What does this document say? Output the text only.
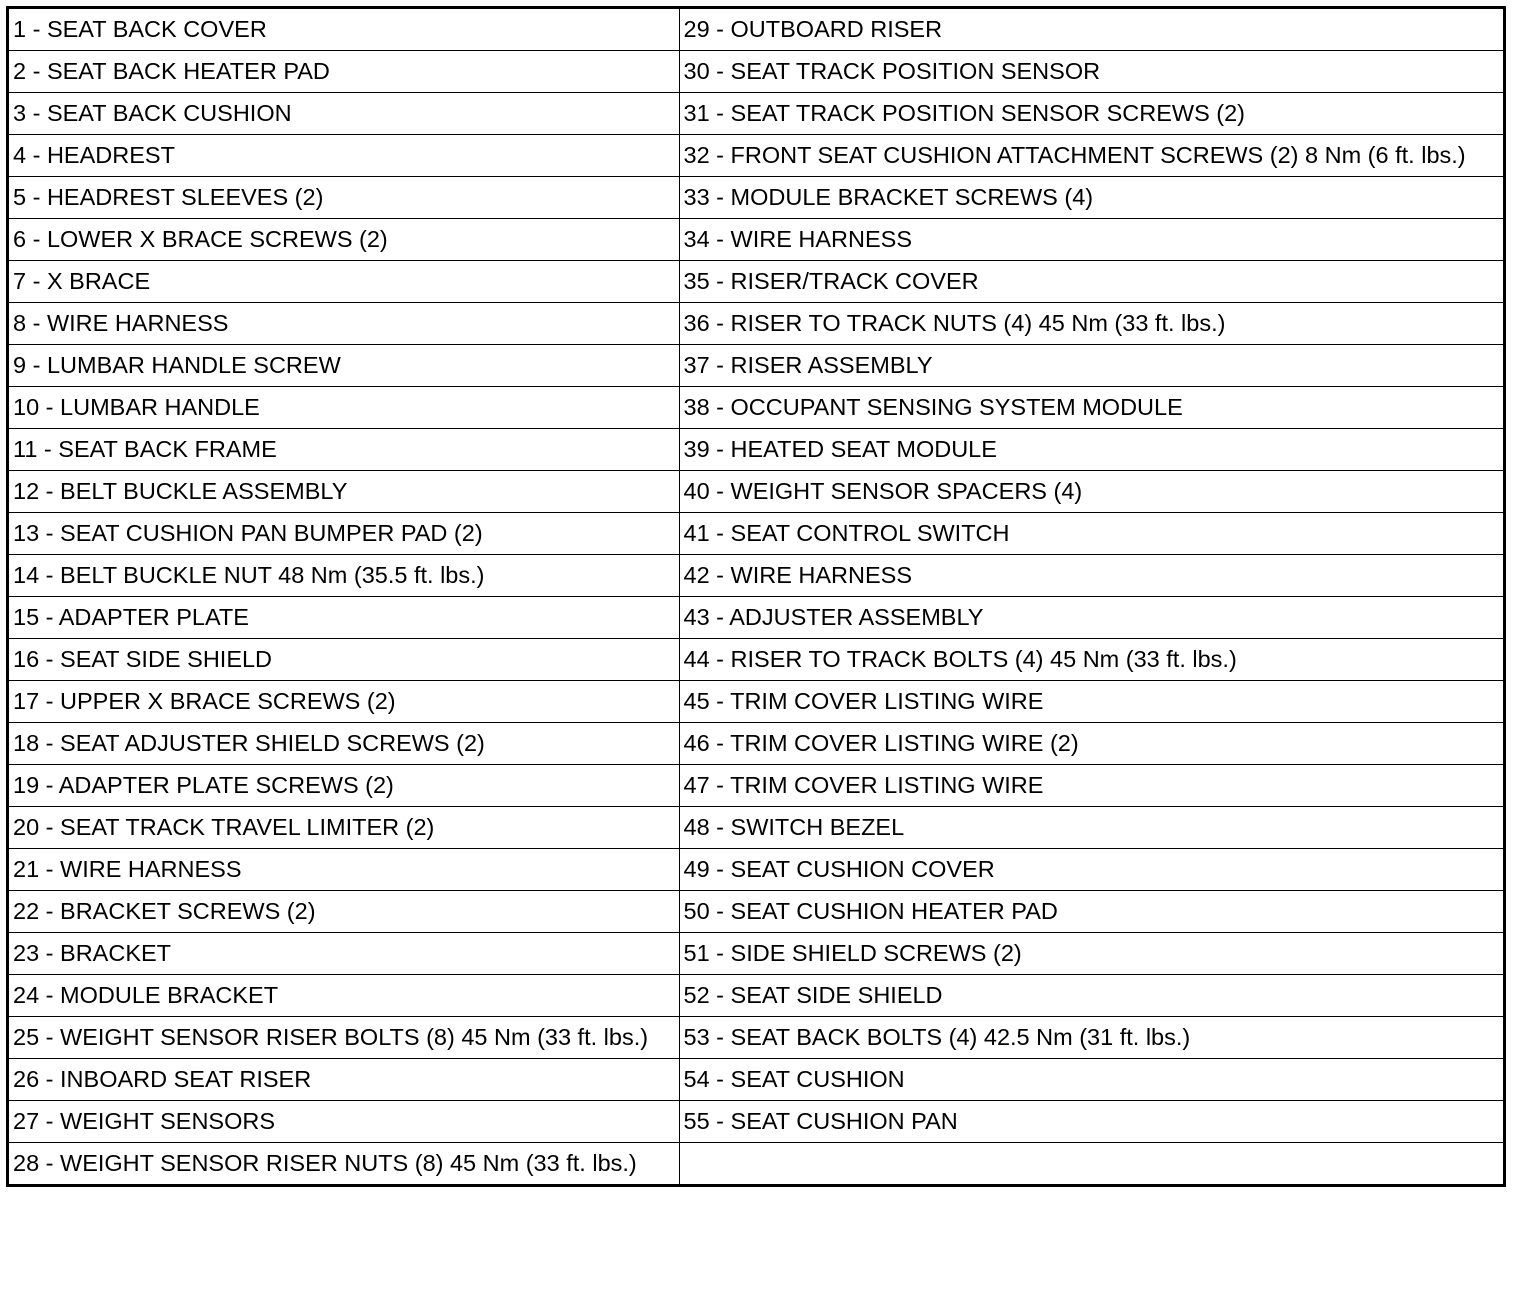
1 - SEAT BACK COVER	29 - OUTBOARD RISER
2 - SEAT BACK HEATER PAD	30 - SEAT TRACK POSITION SENSOR
3 - SEAT BACK CUSHION	31 - SEAT TRACK POSITION SENSOR SCREWS (2)
4 - HEADREST	32 - FRONT SEAT CUSHION ATTACHMENT SCREWS (2) 8 Nm (6 ft. lbs.)
5 - HEADREST SLEEVES (2)	33 - MODULE BRACKET SCREWS (4)
6 - LOWER X BRACE SCREWS (2)	34 - WIRE HARNESS
7 - X BRACE	35 - RISER/TRACK COVER
8 - WIRE HARNESS	36 - RISER TO TRACK NUTS (4) 45 Nm (33 ft. lbs.)
9 - LUMBAR HANDLE SCREW	37 - RISER ASSEMBLY
10 - LUMBAR HANDLE	38 - OCCUPANT SENSING SYSTEM MODULE
11 - SEAT BACK FRAME	39 - HEATED SEAT MODULE
12 - BELT BUCKLE ASSEMBLY	40 - WEIGHT SENSOR SPACERS (4)
13 - SEAT CUSHION PAN BUMPER PAD (2)	41 - SEAT CONTROL SWITCH
14 - BELT BUCKLE NUT 48 Nm (35.5 ft. lbs.)	42 - WIRE HARNESS
15 - ADAPTER PLATE	43 - ADJUSTER ASSEMBLY
16 - SEAT SIDE SHIELD	44 - RISER TO TRACK BOLTS (4) 45 Nm (33 ft. lbs.)
17 - UPPER X BRACE SCREWS (2)	45 - TRIM COVER LISTING WIRE
18 - SEAT ADJUSTER SHIELD SCREWS (2)	46 - TRIM COVER LISTING WIRE (2)
19 - ADAPTER PLATE SCREWS (2)	47 - TRIM COVER LISTING WIRE
20 - SEAT TRACK TRAVEL LIMITER (2)	48 - SWITCH BEZEL
21 - WIRE HARNESS	49 - SEAT CUSHION COVER
22 - BRACKET SCREWS (2)	50 - SEAT CUSHION HEATER PAD
23 - BRACKET	51 - SIDE SHIELD SCREWS (2)
24 - MODULE BRACKET	52 - SEAT SIDE SHIELD
25 - WEIGHT SENSOR RISER BOLTS (8) 45 Nm (33 ft. lbs.)	53 - SEAT BACK BOLTS (4) 42.5 Nm (31 ft. lbs.)
26 - INBOARD SEAT RISER	54 - SEAT CUSHION
27 - WEIGHT SENSORS	55 - SEAT CUSHION PAN
28 - WEIGHT SENSOR RISER NUTS (8) 45 Nm (33 ft. lbs.)	
